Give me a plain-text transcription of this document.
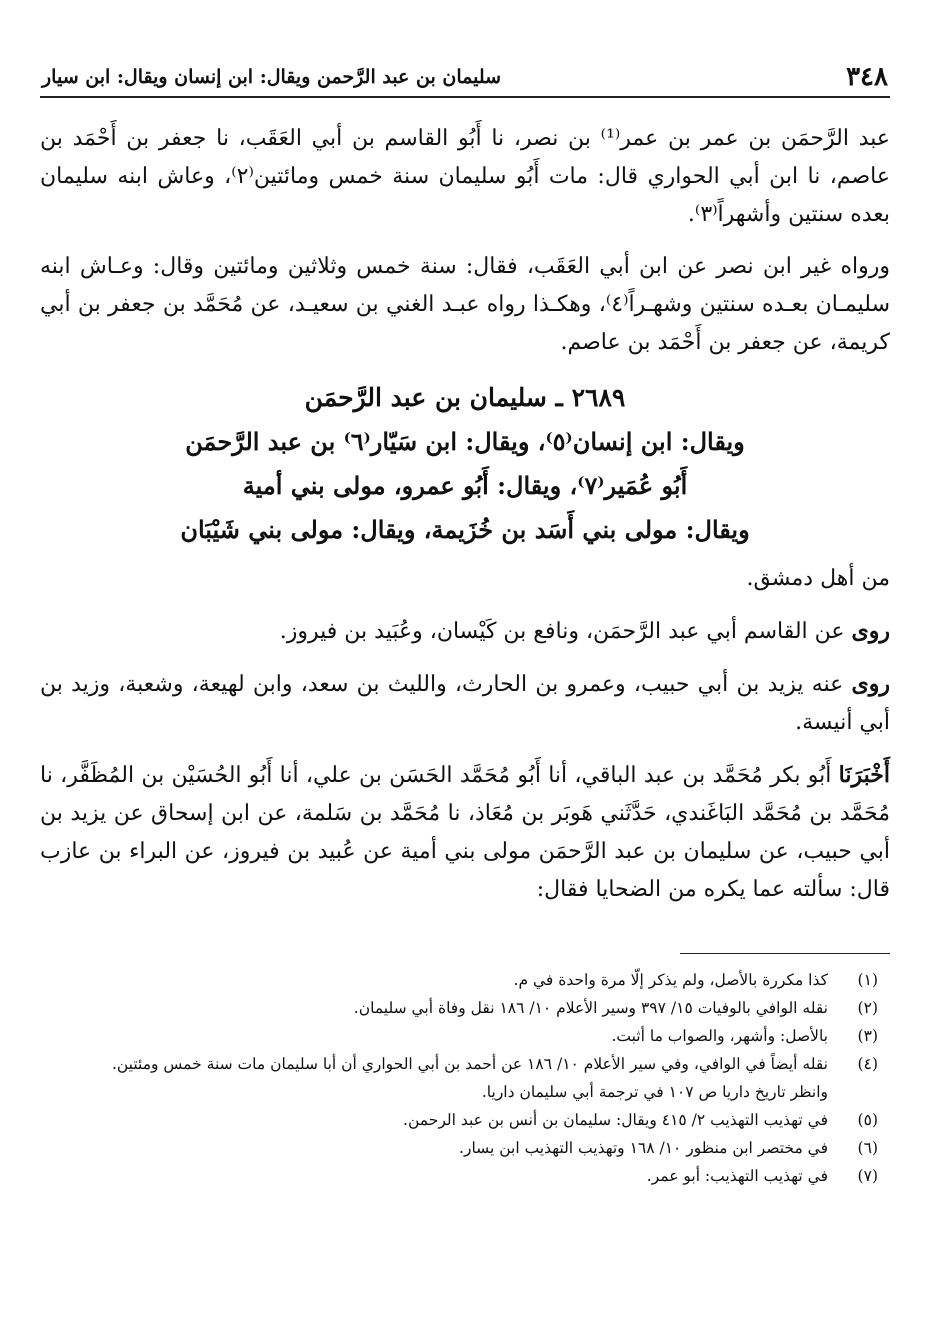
٣٤٨
سليمان بن عبد الرَّحمن ويقال: ابن إنسان ويقال: ابن سيار

عبد الرَّحمَن بن عمر بن عمر⁽¹⁾ بن نصر، نا أَبُو القاسم بن أبي العَقَب، نا جعفر بن أَحْمَد بن عاصم، نا ابن أبي الحواري قال: مات أَبُو سليمان سنة خمس ومائتين⁽٢⁾، وعاش ابنه سليمان بعده سنتين وأشهراً⁽٣⁾.

ورواه غير ابن نصر عن ابن أبي العَقَب، فقال: سنة خمس وثلاثين ومائتين وقال: وعـاش ابنه سليمـان بعـده سنتين وشهـراً⁽٤⁾، وهكـذا رواه عبـد الغني بن سعيـد، عن مُحَمَّد بن جعفر بن أبي كريمة، عن جعفر بن أَحْمَد بن عاصم.

٢٦٨٩ ـ سليمان بن عبد الرَّحمَن
ويقال: ابن إنسان⁽٥⁾، ويقال: ابن سَيّار⁽٦⁾ بن عبد الرَّحمَن
أَبُو عُمَير⁽٧⁾، ويقال: أَبُو عمرو، مولى بني أمية
ويقال: مولى بني أَسَد بن خُزَيمة، ويقال: مولى بني شَيْبَان

من أهل دمشق.

روى عن القاسم أبي عبد الرَّحمَن، ونافع بن كَيْسان، وعُبَيد بن فيروز.

روى عنه يزيد بن أبي حبيب، وعمرو بن الحارث، والليث بن سعد، وابن لهيعة، وشعبة، وزيد بن أبي أنيسة.

أَخْبَرَنَا أَبُو بكر مُحَمَّد بن عبد الباقي، أنا أَبُو مُحَمَّد الحَسَن بن علي، أنا أَبُو الحُسَيْن بن المُظَفَّر، نا مُحَمَّد بن مُحَمَّد البَاغَندي، حَدَّثَني هَوبَر بن مُعَاذ، نا مُحَمَّد بن سَلمة، عن ابن إسحاق عن يزيد بن أبي حبيب، عن سليمان بن عبد الرَّحمَن مولى بني أمية عن عُبيد بن فيروز، عن البراء بن عازب قال: سألته عما يكره من الضحايا فقال:

(١)
كذا مكررة بالأصل، ولم يذكر إلّا مرة واحدة في م.
(٢)
نقله الوافي بالوفيات ١٥/ ٣٩٧ وسير الأعلام ١٠/ ١٨٦ نقل وفاة أبي سليمان.
(٣)
بالأصل: وأشهر، والصواب ما أثبت.
(٤)
نقله أيضاً في الوافي، وفي سير الأعلام ١٠/ ١٨٦ عن أحمد بن أبي الحواري أن أبا سليمان مات سنة خمس ومئتين.
وانظر تاريخ داريا ص ١٠٧ في ترجمة أبي سليمان داريا.
(٥)
في تهذيب التهذيب ٢/ ٤١٥ ويقال: سليمان بن أنس بن عبد الرحمن.
(٦)
في مختصر ابن منظور ١٠/ ١٦٨ وتهذيب التهذيب ابن يسار.
(٧)
في تهذيب التهذيب: أبو عمر.
